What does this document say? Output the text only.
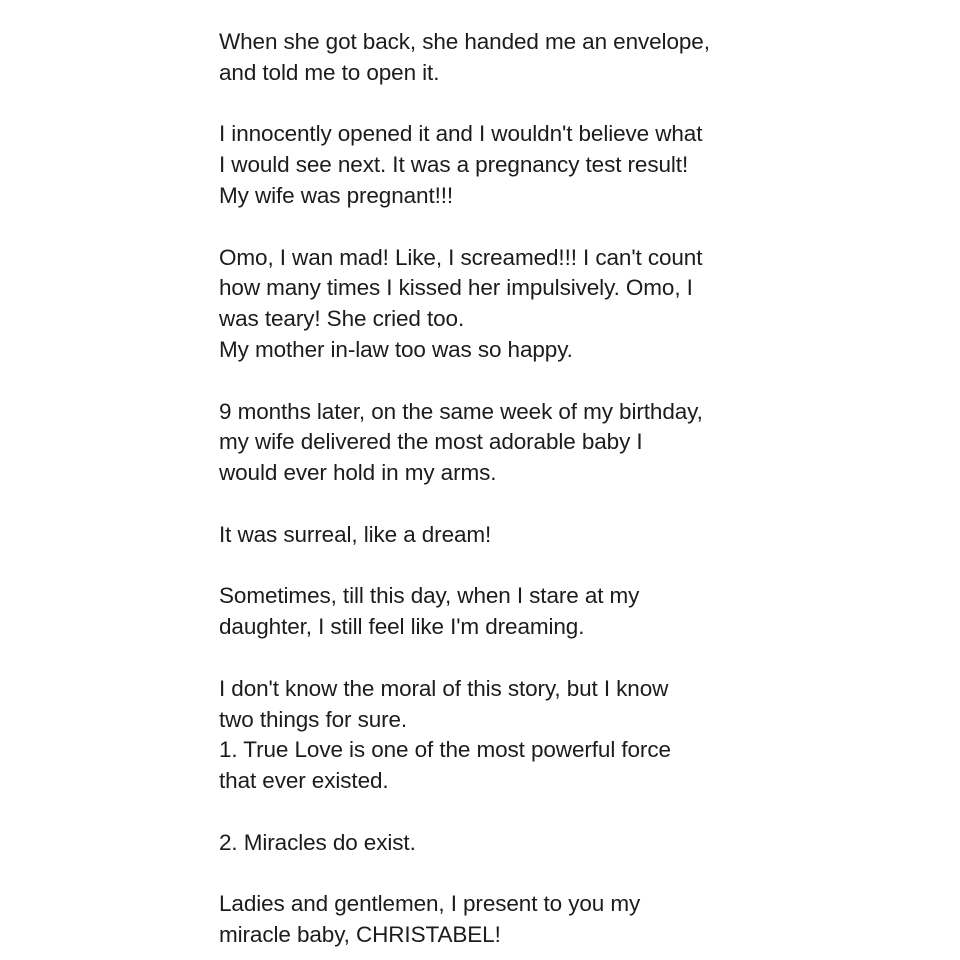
When she got back, she handed me an envelope,
and told me to open it.

I innocently opened it and I wouldn't believe what
I would see next. It was a pregnancy test result!
My wife was pregnant!!!

Omo, I wan mad! Like, I screamed!!! I can't count
how many times I kissed her impulsively. Omo, I
was teary! She cried too.
My mother in-law too was so happy.

9 months later, on the same week of my birthday,
my wife delivered the most adorable baby I
would ever hold in my arms.

It was surreal, like a dream!

Sometimes, till this day, when I stare at my
daughter, I still feel like I'm dreaming.

I don't know the moral of this story, but I know
two things for sure.
1. True Love is one of the most powerful force
that ever existed.

2. Miracles do exist.

Ladies and gentlemen, I present to you my
miracle baby, CHRISTABEL!
